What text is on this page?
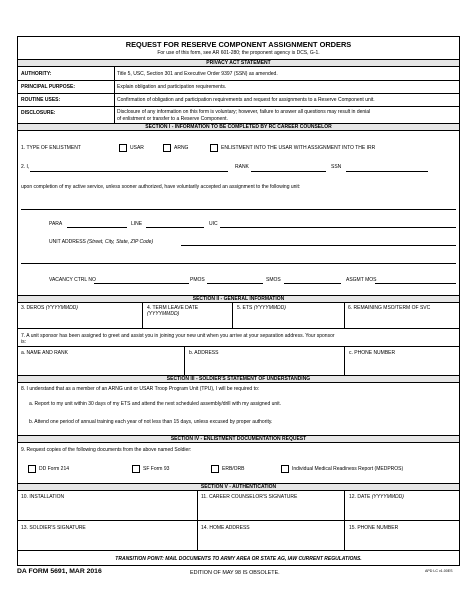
REQUEST FOR RESERVE COMPONENT ASSIGNMENT ORDERS
For use of this form, see AR 601-280; the proponent agency is DCS, G-1.
PRIVACY ACT STATEMENT
AUTHORITY:	Title 5, USC, Section 301 and Executive Order 9397 (SSN) as amended.
PRINCIPAL PURPOSE:	Explain obligation and participation requirements.
ROUTINE USES:	Confirmation of obligation and participation requirements and request for assignments to a Reserve Component unit.
DISCLOSURE:	Disclosure of any information on this form is voluntary; however, failure to answer all questions may result in denial
of enlistment or transfer to a Reserve Component.
SECTION I - INFORMATION TO BE COMPLETED BY RC CAREER COUNSELOR
1. TYPE OF ENLISTMENT	USAR	ARNG	ENLISTMENT INTO THE USAR WITH ASSIGNMENT INTO THE IRR
2. I,	RANK	SSN
upon completion of my active service, unless sooner authorized, have voluntarily accepted an assignment to the following unit:
PARA	LINE	UIC
UNIT ADDRESS (Street, City, State, ZIP Code)
VACANCY CTRL NO	PMOS	SMOS	ASGMT MOS
SECTION II - GENERAL INFORMATION
3. DEROS (YYYYMMDD)	4. TERM LEAVE DATE
(YYYYMMDD)
5. ETS (YYYYMMDD)	6. REMAINING MSO/TERM OF SVC
7. A unit sponsor has been assigned to greet and assist you in joining your new unit when you arrive at your separation address. Your sponsor
is:
a. NAME AND RANK	b. ADDRESS	c. PHONE NUMBER
SECTION III - SOLDIER'S STATEMENT OF UNDERSTANDING
8. I understand that as a member of an ARNG unit or USAR Troop Program Unit (TPU), I will be required to:
a. Report to my unit within 30 days of my ETS and attend the next scheduled assembly/drill with my assigned unit.
b. Attend one period of annual training each year of not less than 15 days, unless excused by proper authority.
SECTION IV - ENLISTMENT DOCUMENTATION REQUEST
9. Request copies of the following documents from the above named Soldier:
DD Form 214	SF Form 93	ERB/ORB	Individual Medical Readiness Report (MEDPROS)
SECTION V - AUTHENTICATION
10. INSTALLATION	11. CAREER COUNSELOR'S SIGNATURE	12. DATE (YYYYMMDD)
13. SOLDIER'S SIGNATURE	14. HOME ADDRESS	15. PHONE NUMBER
TRANSITION POINT: MAIL DOCUMENTS TO ARMY AREA OR STATE AG, IAW CURRENT REGULATIONS.
DA FORM 5691, MAR 2016	EDITION OF MAY 98 IS OBSOLETE.	APD LC v1.00ES
